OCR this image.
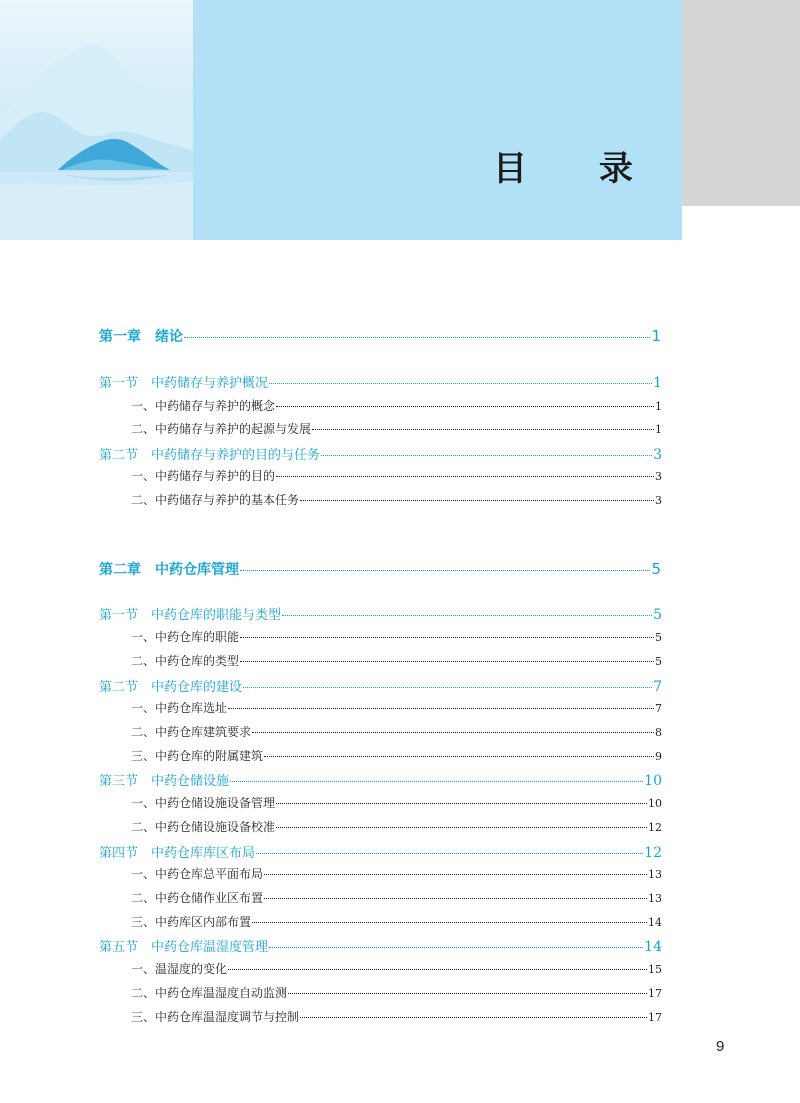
目 录
第一章　绪论	1
第一节　中药储存与养护概况	1
一、中药储存与养护的概念	1
二、中药储存与养护的起源与发展	1
第二节　中药储存与养护的目的与任务	3
一、中药储存与养护的目的	3
二、中药储存与养护的基本任务	3
第二章　中药仓库管理	5
第一节　中药仓库的职能与类型	5
一、中药仓库的职能	5
二、中药仓库的类型	5
第二节　中药仓库的建设	7
一、中药仓库选址	7
二、中药仓库建筑要求	8
三、中药仓库的附属建筑	9
第三节　中药仓储设施	10
一、中药仓储设施设备管理	10
二、中药仓储设施设备校准	12
第四节　中药仓库库区布局	12
一、中药仓库总平面布局	13
二、中药仓储作业区布置	13
三、中药库区内部布置	14
第五节　中药仓库温湿度管理	14
一、温湿度的变化	15
二、中药仓库温湿度自动监测	17
三、中药仓库温湿度调节与控制	17
9
